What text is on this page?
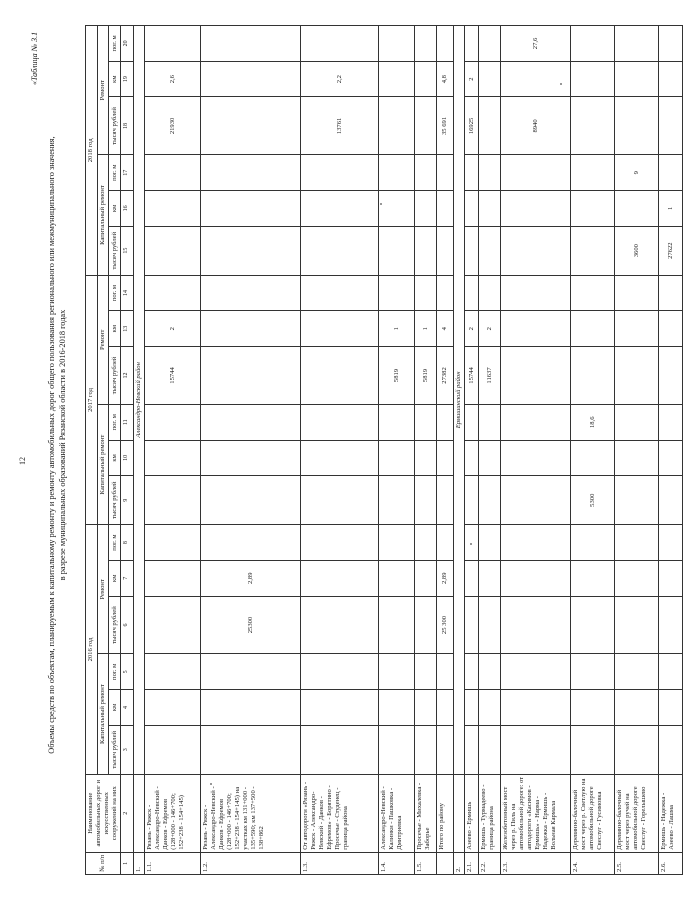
12
«Таблица № 3.1
Объемы средств по объектам, планируемым к капитальному ремонту и ремонту автомобильных дорог общего пользования регионального или межмуниципального значения, в разрезе муниципальных образований Рязанской области в 2016-2018 годах
№ п/п	Наименование автомобильных дорог и искусственных сооружений на них	2016 год						2017 год						2018 год					
		Капитальный ремонт			Ремонт			Капитальный ремонт			Ремонт			Капитальный ремонт			Ремонт		
		тысяч рублей	км	пог. м	тысяч рублей	км	пог. м	тысяч рублей	км	пог. м	тысяч рублей	км	пог. м	тысяч рублей	км	пог. м	тысяч рублей	км	пог. м
1	2	3	4	5	6	7	8	9	10	11	12	13	14	15	16	17	18	19	20
1.		Александро-Невский район																	
1.1.	Рязань - Ряжск - Александро-Невский - Данков - Ефремов (128+000 - 146+700; 152+238 - 154+145)										15744	2					21930	2,6	
1.2.	Рязань - Ряжск - Александро-Невский - Данков - Ефремов (128+000 - 146+700; 152+238 - 154+145) на участках км 131+000 - 135+590; км 137+500 - 138+862				25300	2,89													
1.3.	От автодороги «Рязань - Ряжск - Александро-Невский - Данков - Ефремов» - Борятино - Просечье - Студенец - граница района																13761	2,2	
1.4.	Александро-Невский - Калинки - Пашковка - Дмитриевка										5819	1							
1.5.	Просечье - Михалевка - Заборье										5819	1							
	Итого по району				25 300	2,89					27382	4					35 691	4,8	
2.		Ермишинский район																	
2.1.	Азеево - Ермишь										15744	2					16925	2	
2.2.	Ермишь - Турмадеево - граница района										11637	2							
2.3.	Железобетонный мост через р. Пиль на автомобильной дороге: от автодороги «Касимов - Ермишь» - Нарма - Надежка - Ермишь - Вольная Кармала																8940		27,6
2.4.	Деревянно-балочный мост через р. Светлую на автомобильной дороге Свеслуг - Гусимовка							5300		18,6									
2.5.	Деревянно-балочный мост через ручей на автомобильной дороге Свеслуг - Горелышево													3600		9			
2.6.	Ермишь - Надежка - Азеево - Лашма													27622	1				
